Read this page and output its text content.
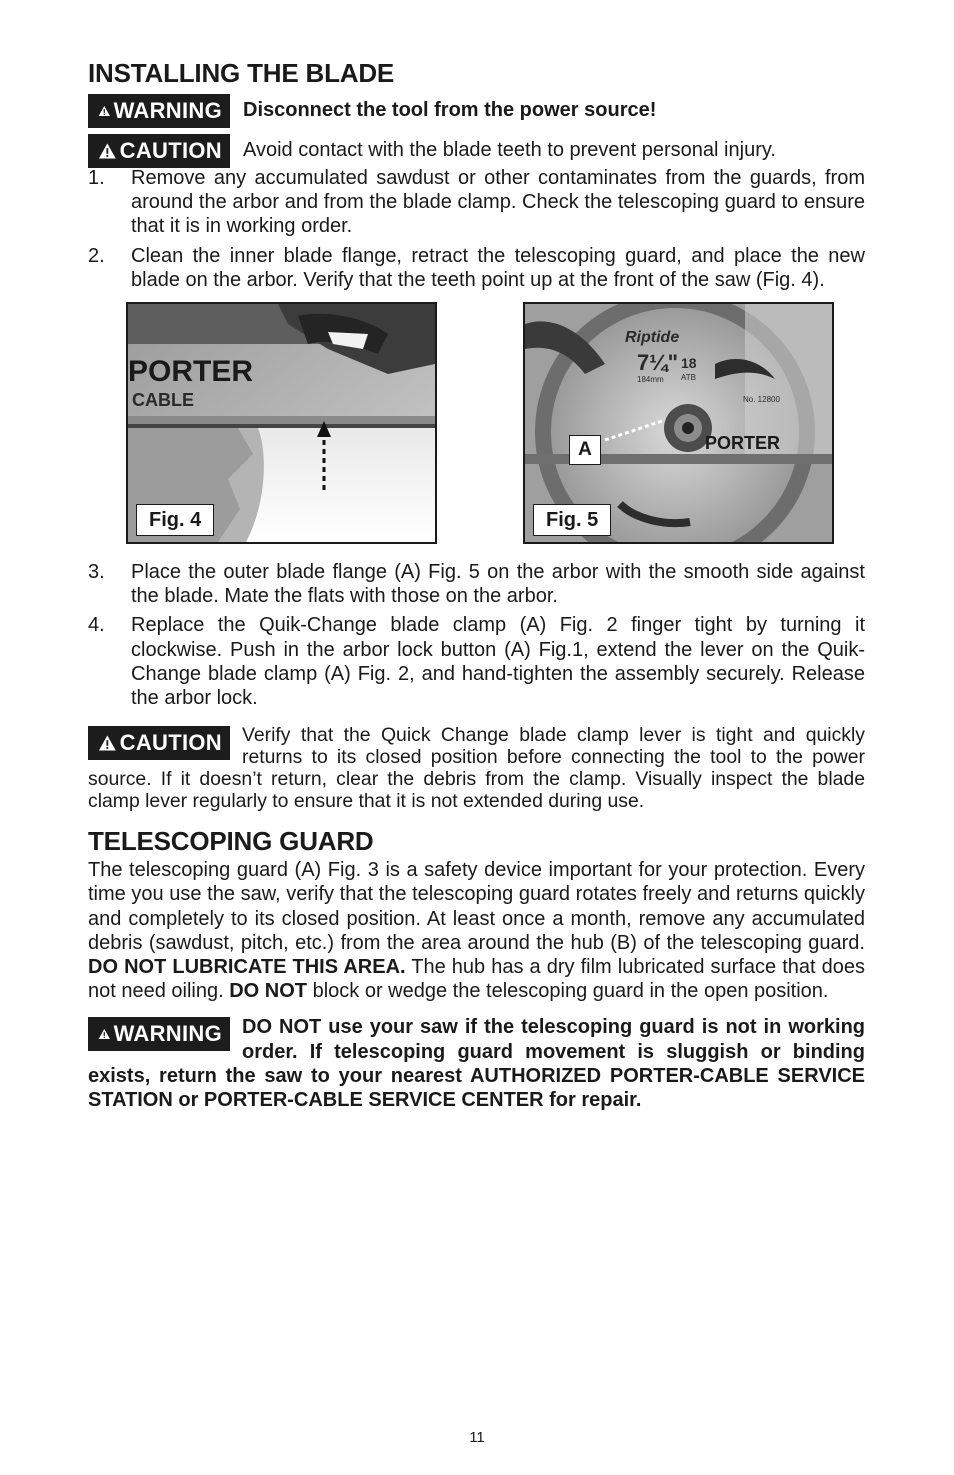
INSTALLING THE BLADE
WARNING Disconnect the tool from the power source!
CAUTION Avoid contact with the blade teeth to prevent personal injury.
1. Remove any accumulated sawdust or other contaminates from the guards, from around the arbor and from the blade clamp. Check the telescoping guard to ensure that it is in working order.
2. Clean the inner blade flange, retract the telescoping guard, and place the new blade on the arbor. Verify that the teeth point up at the front of the saw (Fig. 4).
PORTER
CABLE
Fig. 4
Riptide
7¼" 18
184mm ATB
No. 12800
PORTER
A
Fig. 5
3. Place the outer blade flange (A) Fig. 5 on the arbor with the smooth side against the blade. Mate the flats with those on the arbor.
4. Replace the Quik-Change blade clamp (A) Fig. 2 finger tight by turning it clockwise. Push in the arbor lock button (A) Fig.1, extend the lever on the Quik-Change blade clamp (A) Fig. 2, and hand-tighten the assembly securely. Release the arbor lock.
CAUTION	Verify that the Quick Change blade clamp lever is tight and quickly returns to its closed position before connecting the tool to the power source. If it doesn’t return, clear the debris from the clamp. Visually inspect the blade clamp lever regularly to ensure that it is not extended during use.

TELESCOPING GUARD

The telescoping guard (A) Fig. 3 is a safety device important for your protection. Every time you use the saw, verify that the telescoping guard rotates freely and returns quickly and completely to its closed position. At least once a month, remove any accumulated debris (sawdust, pitch, etc.) from the area around the hub (B) of the telescoping guard. DO NOT LUBRICATE THIS AREA. The hub has a dry film lubricated surface that does not need oiling. DO NOT block or wedge the telescoping guard in the open position.

WARNING	DO NOT use your saw if the telescoping guard is not in working order. If telescoping guard movement is sluggish or binding exists, return the saw to your nearest AUTHORIZED PORTER-CABLE SERVICE STATION or PORTER-CABLE SERVICE CENTER for repair.

11
